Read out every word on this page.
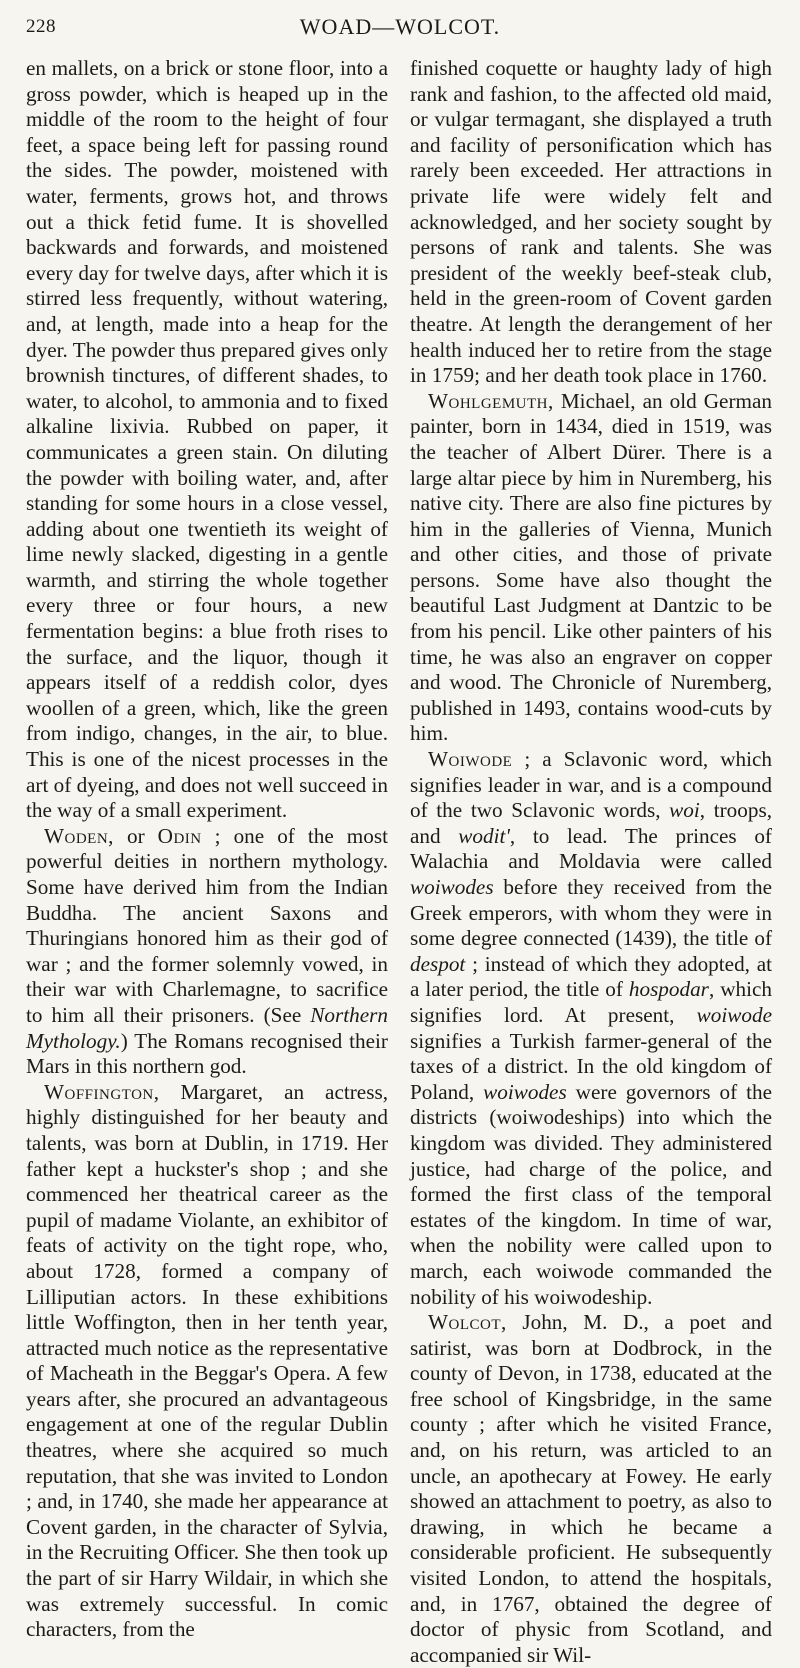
228	WOAD—WOLCOT.

en mallets, on a brick or stone floor, into a gross powder, which is heaped up in the middle of the room to the height of four feet, a space being left for passing round the sides. The powder, moistened with water, ferments, grows hot, and throws out a thick fetid fume. It is shovelled backwards and forwards, and moistened every day for twelve days, after which it is stirred less frequently, without watering, and, at length, made into a heap for the dyer. The powder thus prepared gives only brownish tinctures, of different shades, to water, to alcohol, to ammonia and to fixed alkaline lixivia. Rubbed on paper, it communicates a green stain. On diluting the powder with boiling water, and, after standing for some hours in a close vessel, adding about one twentieth its weight of lime newly slacked, digesting in a gentle warmth, and stirring the whole together every three or four hours, a new fermentation begins: a blue froth rises to the surface, and the liquor, though it appears itself of a reddish color, dyes woollen of a green, which, like the green from indigo, changes, in the air, to blue. This is one of the nicest processes in the art of dyeing, and does not well succeed in the way of a small experiment.

Woden, or Odin ; one of the most powerful deities in northern mythology. Some have derived him from the Indian Buddha. The ancient Saxons and Thuringians honored him as their god of war ; and the former solemnly vowed, in their war with Charlemagne, to sacrifice to him all their prisoners. (See Northern Mythology.) The Romans recognised their Mars in this northern god.

Woffington, Margaret, an actress, highly distinguished for her beauty and talents, was born at Dublin, in 1719. Her father kept a huckster's shop ; and she commenced her theatrical career as the pupil of madame Violante, an exhibitor of feats of activity on the tight rope, who, about 1728, formed a company of Lilliputian actors. In these exhibitions little Woffington, then in her tenth year, attracted much notice as the representative of Macheath in the Beggar's Opera. A few years after, she procured an advantageous engagement at one of the regular Dublin theatres, where she acquired so much reputation, that she was invited to London ; and, in 1740, she made her appearance at Covent garden, in the character of Sylvia, in the Recruiting Officer. She then took up the part of sir Harry Wildair, in which she was extremely successful. In comic characters, from the

finished coquette or haughty lady of high rank and fashion, to the affected old maid, or vulgar termagant, she displayed a truth and facility of personification which has rarely been exceeded. Her attractions in private life were widely felt and acknowledged, and her society sought by persons of rank and talents. She was president of the weekly beef-steak club, held in the green-room of Covent garden theatre. At length the derangement of her health induced her to retire from the stage in 1759; and her death took place in 1760.

Wohlgemuth, Michael, an old German painter, born in 1434, died in 1519, was the teacher of Albert Dürer. There is a large altar piece by him in Nuremberg, his native city. There are also fine pictures by him in the galleries of Vienna, Munich and other cities, and those of private persons. Some have also thought the beautiful Last Judgment at Dantzic to be from his pencil. Like other painters of his time, he was also an engraver on copper and wood. The Chronicle of Nuremberg, published in 1493, contains wood-cuts by him.

Woiwode ; a Sclavonic word, which signifies leader in war, and is a compound of the two Sclavonic words, woi, troops, and wodit', to lead. The princes of Walachia and Moldavia were called woiwodes before they received from the Greek emperors, with whom they were in some degree connected (1439), the title of despot ; instead of which they adopted, at a later period, the title of hospodar, which signifies lord. At present, woiwode signifies a Turkish farmer-general of the taxes of a district. In the old kingdom of Poland, woiwodes were governors of the districts (woiwodeships) into which the kingdom was divided. They administered justice, had charge of the police, and formed the first class of the temporal estates of the kingdom. In time of war, when the nobility were called upon to march, each woiwode commanded the nobility of his woiwodeship.

Wolcot, John, M. D., a poet and satirist, was born at Dodbrock, in the county of Devon, in 1738, educated at the free school of Kingsbridge, in the same county ; after which he visited France, and, on his return, was articled to an uncle, an apothecary at Fowey. He early showed an attachment to poetry, as also to drawing, in which he became a considerable proficient. He subsequently visited London, to attend the hospitals, and, in 1767, obtained the degree of doctor of physic from Scotland, and accompanied sir Wil-
